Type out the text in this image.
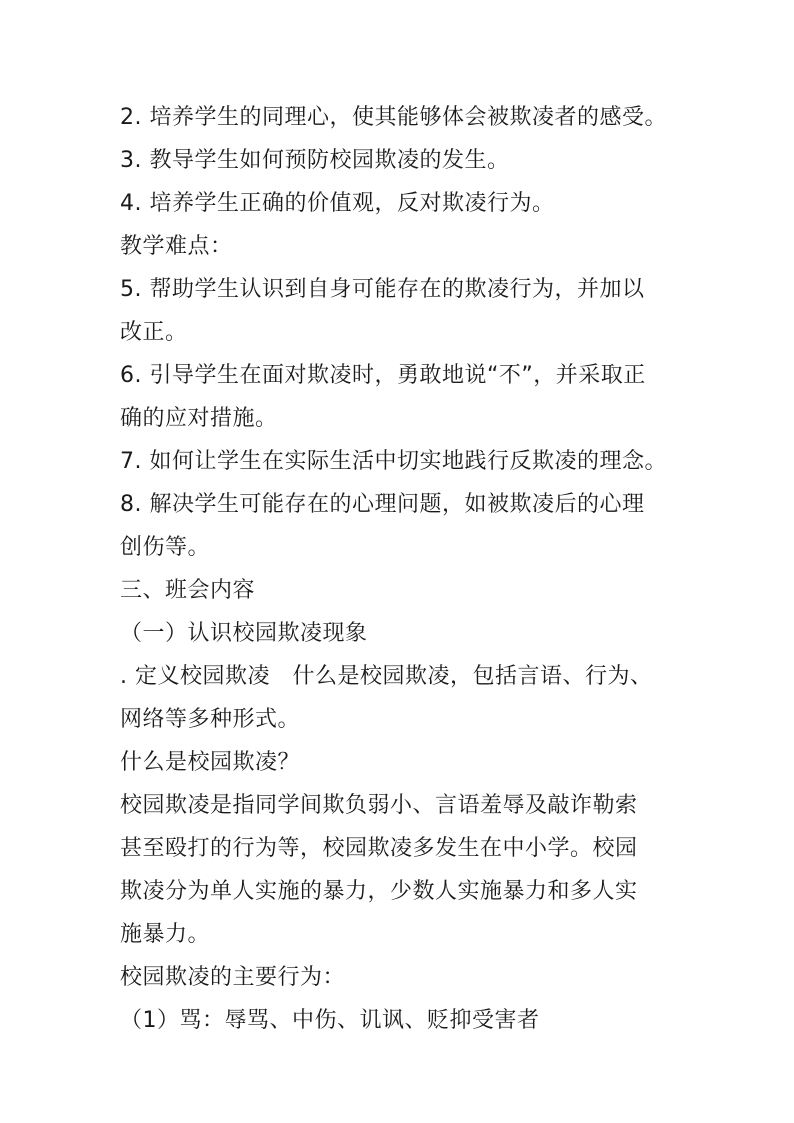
2. 培养学生的同理心，使其能够体会被欺凌者的感受。
3. 教导学生如何预防校园欺凌的发生。
4. 培养学生正确的价值观，反对欺凌行为。
教学难点：
5. 帮助学生认识到自身可能存在的欺凌行为，并加以
改正。
6. 引导学生在面对欺凌时，勇敢地说“不”，并采取正
确的应对措施。
7. 如何让学生在实际生活中切实地践行反欺凌的理念。
8. 解决学生可能存在的心理问题，如被欺凌后的心理
创伤等。
三、班会内容
（一）认识校园欺凌现象
. 定义校园欺凌　什么是校园欺凌，包括言语、行为、
网络等多种形式。
什么是校园欺凌？
校园欺凌是指同学间欺负弱小、言语羞辱及敲诈勒索
甚至殴打的行为等，校园欺凌多发生在中小学。校园
欺凌分为单人实施的暴力，少数人实施暴力和多人实
施暴力。
校园欺凌的主要行为：
（1）骂：辱骂、中伤、讥讽、贬抑受害者
